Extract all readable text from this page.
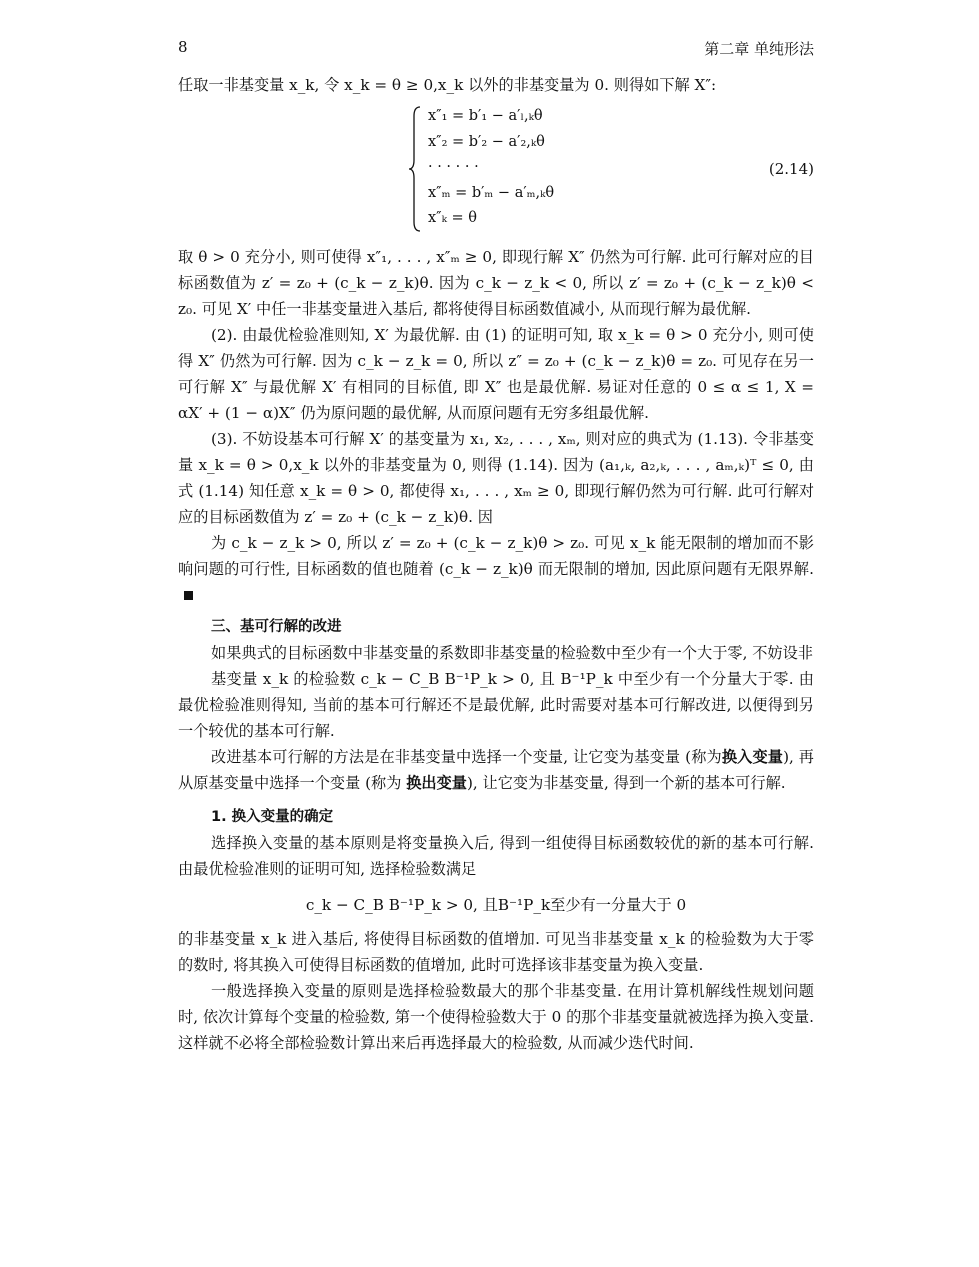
8	第二章 单纯形法

任取一非基变量 x_k, 令 x_k = θ ≥ 0,x_k 以外的非基变量为 0. 则得如下解 X″:

x″₁ = b′₁ − a′ₗ,ₖθ
x″₂ = b′₂ − a′₂,ₖθ
· · · · · ·
x″ₘ = b′ₘ − a′ₘ,ₖθ
x″ₖ = θ
(2.14)

取 θ > 0 充分小, 则可使得 x″₁, . . . , x″ₘ ≥ 0, 即现行解 X″ 仍然为可行解. 此可行解对应的目标函数值为 z′ = z₀ + (c_k − z_k)θ. 因为 c_k − z_k < 0, 所以 z′ = z₀ + (c_k − z_k)θ < z₀. 可见 X′ 中任一非基变量进入基后, 都将使得目标函数值减小, 从而现行解为最优解.

(2). 由最优检验准则知, X′ 为最优解. 由 (1) 的证明可知, 取 x_k = θ > 0 充分小, 则可使得 X″ 仍然为可行解. 因为 c_k − z_k = 0, 所以 z″ = z₀ + (c_k − z_k)θ = z₀. 可见存在另一可行解 X″ 与最优解 X′ 有相同的目标值, 即 X″ 也是最优解. 易证对任意的 0 ≤ α ≤ 1, X = αX′ + (1 − α)X″ 仍为原问题的最优解, 从而原问题有无穷多组最优解.

(3). 不妨设基本可行解 X′ 的基变量为 x₁, x₂, . . . , xₘ, 则对应的典式为 (1.13). 令非基变量 x_k = θ > 0,x_k 以外的非基变量为 0, 则得 (1.14). 因为 (a₁,ₖ, a₂,ₖ, . . . , aₘ,ₖ)ᵀ ≤ 0, 由式 (1.14) 知任意 x_k = θ > 0, 都使得 x₁, . . . , xₘ ≥ 0, 即现行解仍然为可行解. 此可行解对应的目标函数值为 z′ = z₀ + (c_k − z_k)θ. 因

为 c_k − z_k > 0, 所以 z′ = z₀ + (c_k − z_k)θ > z₀. 可见 x_k 能无限制的增加而不影响问题的可行性, 目标函数的值也随着 (c_k − z_k)θ 而无限制的增加, 因此原问题有无限界解.

三、基可行解的改进

如果典式的目标函数中非基变量的系数即非基变量的检验数中至少有一个大于零, 不妨设非

基变量 x_k 的检验数 c_k − C_B B⁻¹P_k > 0, 且 B⁻¹P_k 中至少有一个分量大于零. 由最优检验准则得知, 当前的基本可行解还不是最优解, 此时需要对基本可行解改进, 以便得到另一个较优的基本可行解.

改进基本可行解的方法是在非基变量中选择一个变量, 让它变为基变量 (称为换入变量), 再从原基变量中选择一个变量 (称为 换出变量), 让它变为非基变量, 得到一个新的基本可行解.

1. 换入变量的确定

选择换入变量的基本原则是将变量换入后, 得到一组使得目标函数较优的新的基本可行解. 由最优检验准则的证明可知, 选择检验数满足

c_k − C_B B⁻¹P_k > 0, 且B⁻¹P_k至少有一分量大于 0

的非基变量 x_k 进入基后, 将使得目标函数的值增加. 可见当非基变量 x_k 的检验数为大于零的数时, 将其换入可使得目标函数的值增加, 此时可选择该非基变量为换入变量.

一般选择换入变量的原则是选择检验数最大的那个非基变量. 在用计算机解线性规划问题时, 依次计算每个变量的检验数, 第一个使得检验数大于 0 的那个非基变量就被选择为换入变量. 这样就不必将全部检验数计算出来后再选择最大的检验数, 从而减少迭代时间.
